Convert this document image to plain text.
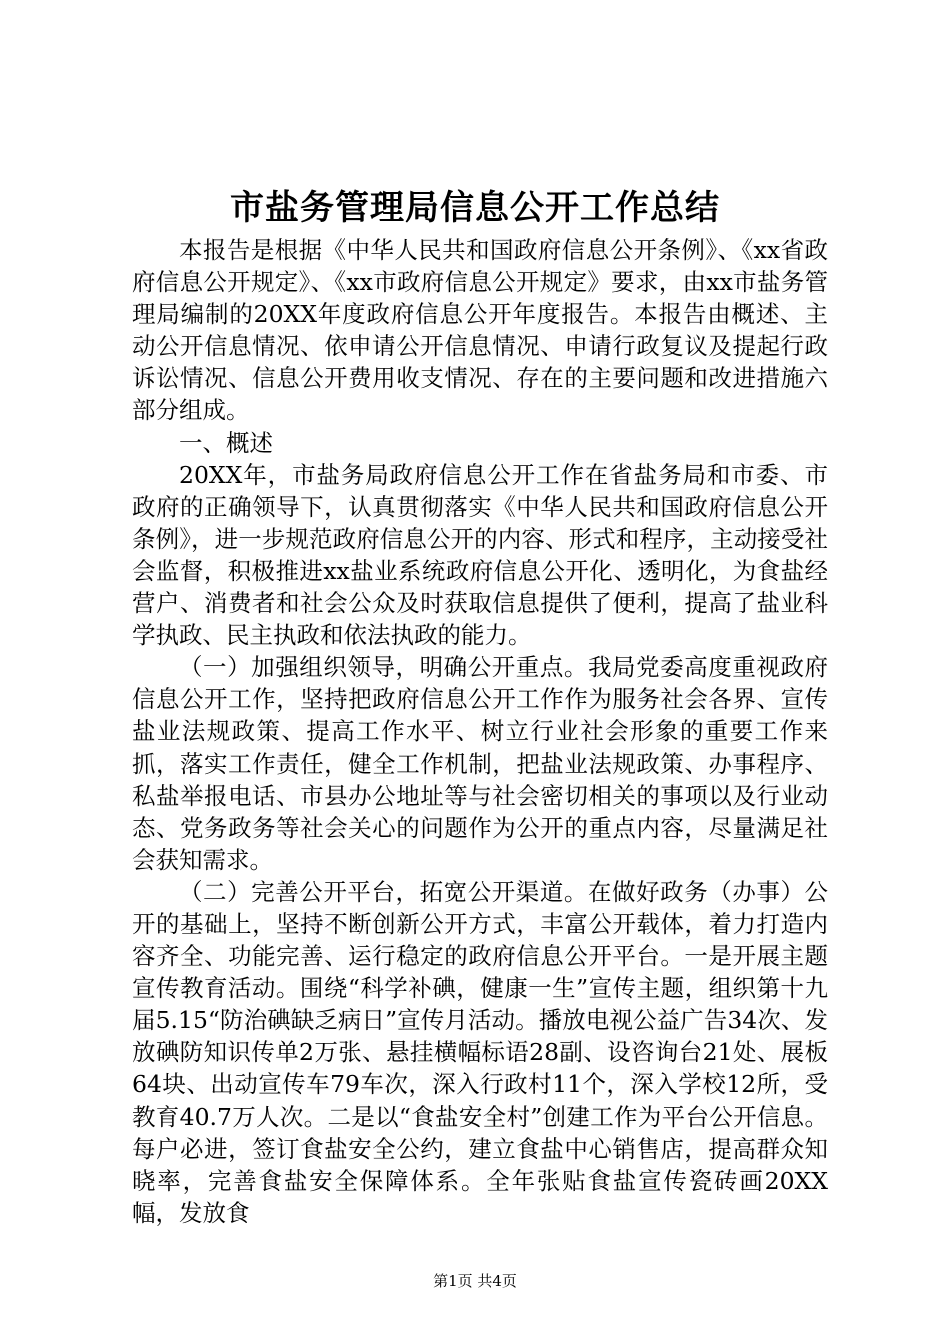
市盐务管理局信息公开工作总结

本报告是根据《中华人民共和国政府信息公开条例》、《xx省政府信息公开规定》、《xx市政府信息公开规定》要求，由xx市盐务管理局编制的20XX年度政府信息公开年度报告。本报告由概述、主动公开信息情况、依申请公开信息情况、申请行政复议及提起行政诉讼情况、信息公开费用收支情况、存在的主要问题和改进措施六部分组成。

一、概述

20XX年，市盐务局政府信息公开工作在省盐务局和市委、市政府的正确领导下，认真贯彻落实《中华人民共和国政府信息公开条例》，进一步规范政府信息公开的内容、形式和程序，主动接受社会监督，积极推进xx盐业系统政府信息公开化、透明化，为食盐经营户、消费者和社会公众及时获取信息提供了便利，提高了盐业科学执政、民主执政和依法执政的能力。

（一）加强组织领导，明确公开重点。我局党委高度重视政府信息公开工作，坚持把政府信息公开工作作为服务社会各界、宣传盐业法规政策、提高工作水平、树立行业社会形象的重要工作来抓，落实工作责任，健全工作机制，把盐业法规政策、办事程序、私盐举报电话、市县办公地址等与社会密切相关的事项以及行业动态、党务政务等社会关心的问题作为公开的重点内容，尽量满足社会获知需求。

（二）完善公开平台，拓宽公开渠道。在做好政务（办事）公开的基础上，坚持不断创新公开方式，丰富公开载体，着力打造内容齐全、功能完善、运行稳定的政府信息公开平台。一是开展主题宣传教育活动。围绕“科学补碘，健康一生”宣传主题，组织第十九届5.15“防治碘缺乏病日”宣传月活动。播放电视公益广告34次、发放碘防知识传单2万张、悬挂横幅标语28副、设咨询台21处、展板64块、出动宣传车79车次，深入行政村11个，深入学校12所，受教育40.7万人次。二是以“食盐安全村”创建工作为平台公开信息。每户必进，签订食盐安全公约，建立食盐中心销售店，提高群众知晓率，完善食盐安全保障体系。全年张贴食盐宣传瓷砖画20XX幅，发放食

第1页 共4页
